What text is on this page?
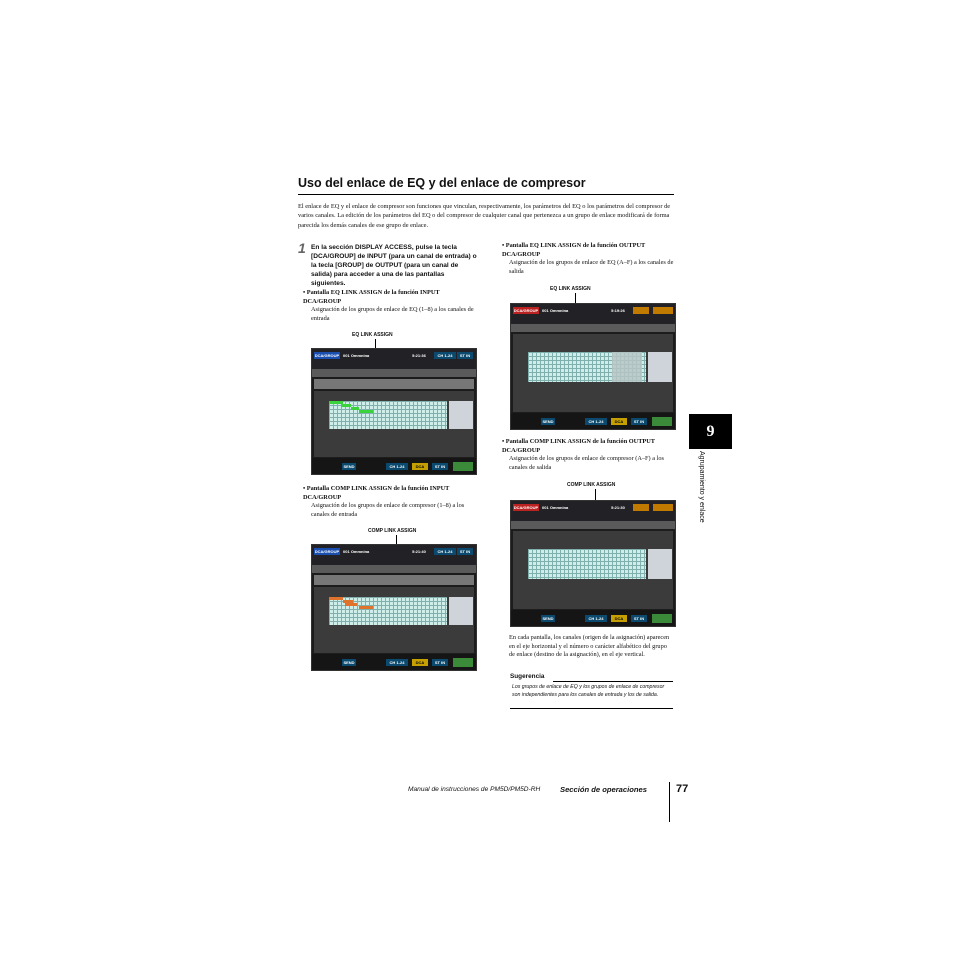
Uso del enlace de EQ y del enlace de compresor
El enlace de EQ y el enlace de compresor son funciones que vinculan, respectivamente, los parámetros del EQ o los parámetros del compresor de varios canales. La edición de los parámetros del EQ o del compresor de cualquier canal que pertenezca a un grupo de enlace modificará de forma parecida los demás canales de ese grupo de enlace.
1 En la sección DISPLAY ACCESS, pulse la tecla [DCA/GROUP] de INPUT (para un canal de entrada) o la tecla [GROUP] de OUTPUT (para un canal de salida) para acceder a una de las pantallas siguientes.
• Pantalla EQ LINK ASSIGN de la función INPUT DCA/GROUP
Asignación de los grupos de enlace de EQ (1–8) a los canales de entrada
EQ LINK ASSIGN
DCA/GROUP 001 Ommnina	5:21:36	CH 1-24	ST IN
SEND	CH 1-24	DCA	ST IN
• Pantalla COMP LINK ASSIGN de la función INPUT DCA/GROUP
Asignación de los grupos de enlace de compresor (1–8) a los canales de entrada
COMP LINK ASSIGN
DCA/GROUP 001 Ommnina	5:21:40	CH 1-24	ST IN
SEND	CH 1-24	DCA	ST IN
• Pantalla EQ LINK ASSIGN de la función OUTPUT DCA/GROUP
Asignación de los grupos de enlace de EQ (A–F) a los canales de salida
EQ LINK ASSIGN
DCA/GROUP 001 Ommnina	5:19:26
SEND	CH 1-24	DCA	ST IN
• Pantalla COMP LINK ASSIGN de la función OUTPUT DCA/GROUP
Asignación de los grupos de enlace de compresor (A–F) a los canales de salida
COMP LINK ASSIGN
DCA/GROUP 001 Ommnina	5:21:30
SEND	CH 1-24	DCA	ST IN
En cada pantalla, los canales (origen de la asignación) aparecen en el eje horizontal y el número o carácter alfabético del grupo de enlace (destino de la asignación), en el eje vertical.
Sugerencia
Los grupos de enlace de EQ y los grupos de enlace de compresor son independientes para los canales de entrada y los de salida.
9
Agrupamiento y enlace
Manual de instrucciones de PM5D/PM5D-RH	Sección de operaciones	77
